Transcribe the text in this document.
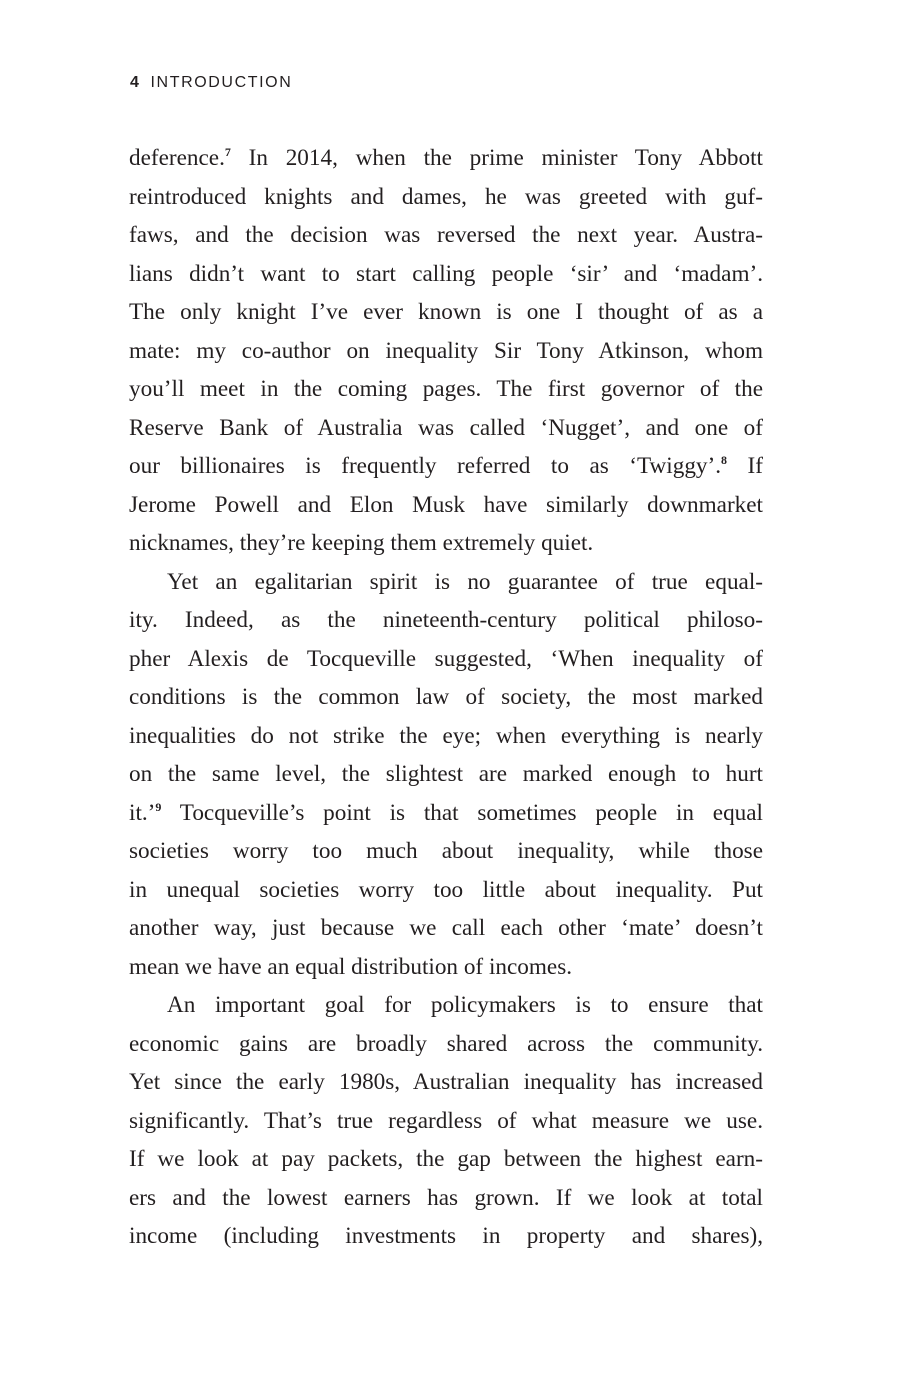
4 INTRODUCTION
deference.$^7$ In 2014, when the prime minister Tony Abbott
reintroduced knights and dames, he was greeted with guf-
faws, and the decision was reversed the next year. Austra-
lians didn’t want to start calling people ‘sir’ and ‘madam’.
The only knight I’ve ever known is one I thought of as a
mate: my co-author on inequality Sir Tony Atkinson, whom
you’ll meet in the coming pages. The first governor of the
Reserve Bank of Australia was called ‘Nugget’, and one of
our billionaires is frequently referred to as ‘Twiggy’.$^8$ If
Jerome Powell and Elon Musk have similarly downmarket
nicknames, they’re keeping them extremely quiet.
Yet an egalitarian spirit is no guarantee of true equal-
ity. Indeed, as the nineteenth-century political philoso-
pher Alexis de Tocqueville suggested, ‘When inequality of
conditions is the common law of society, the most marked
inequalities do not strike the eye; when everything is nearly
on the same level, the slightest are marked enough to hurt
it.’$^9$ Tocqueville’s point is that sometimes people in equal
societies worry too much about inequality, while those
in unequal societies worry too little about inequality. Put
another way, just because we call each other ‘mate’ doesn’t
mean we have an equal distribution of incomes.
An important goal for policymakers is to ensure that
economic gains are broadly shared across the community.
Yet since the early 1980s, Australian inequality has increased
significantly. That’s true regardless of what measure we use.
If we look at pay packets, the gap between the highest earn-
ers and the lowest earners has grown. If we look at total
income (including investments in property and shares),
